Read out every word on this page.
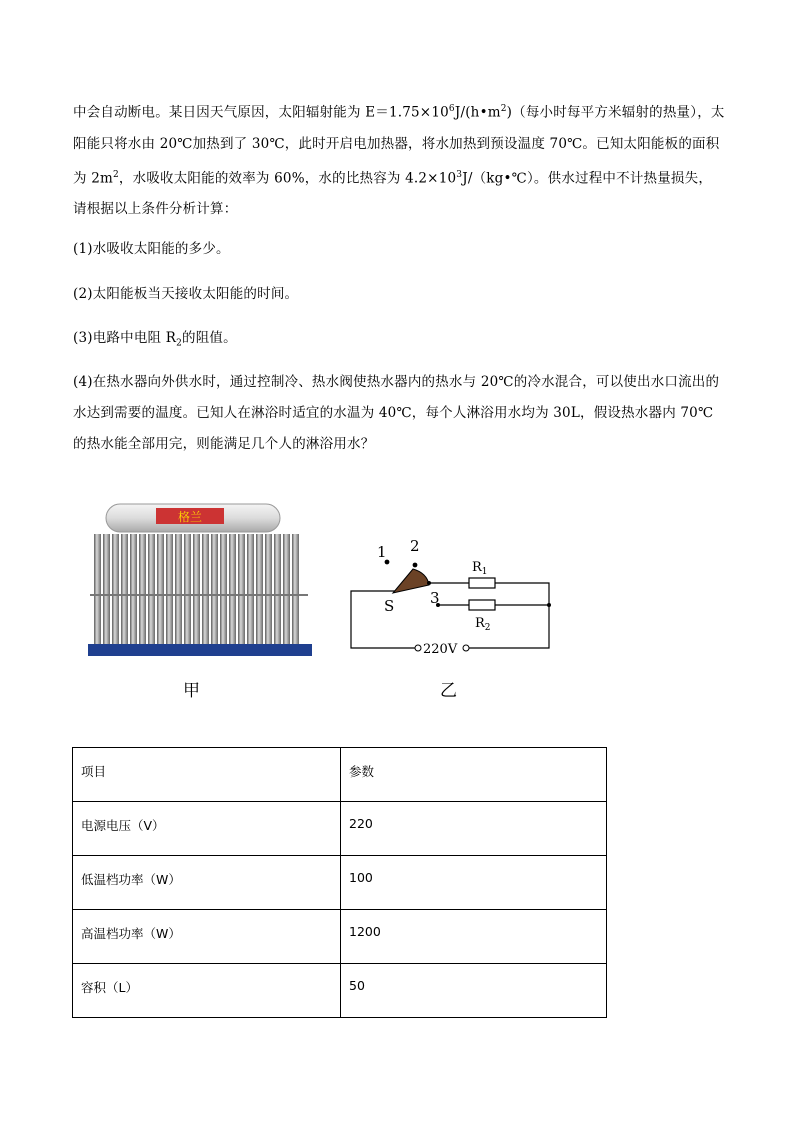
中会自动断电。某日因天气原因，太阳辐射能为 $E=1.75\times 10^6J/(h•m^2)$（每小时每平方米辐射的热量），太阳能只将水由 20℃加热到了 30℃，此时开启电加热器，将水加热到预设温度 70℃。已知太阳能板的面积为 $2m^2$，水吸收太阳能的效率为 60%，水的比热容为 $4.2\times 10^3J/(kg•℃)$。供水过程中不计热量损失，请根据以上条件分析计算：
(1)水吸收太阳能的多少。
(2)太阳能板当天接收太阳能的时间。
(3)电路中电阻 $R_2$的阻值。
(4)在热水器向外供水时，通过控制冷、热水阀使热水器内的热水与 20℃的冷水混合，可以使出水口流出的水达到需要的温度。已知人在淋浴时适宜的水温为 40℃，每个人淋浴用水均为 30L，假设热水器内 70℃的热水能全部用完，则能满足几个人的淋浴用水？
格兰
甲
1 2
3
S
$R_1$
$R_2$
220V
乙
项目	参数
电源电压（V）	220
低温档功率（W）	100
高温档功率（W）	1200
容积（L）	50
